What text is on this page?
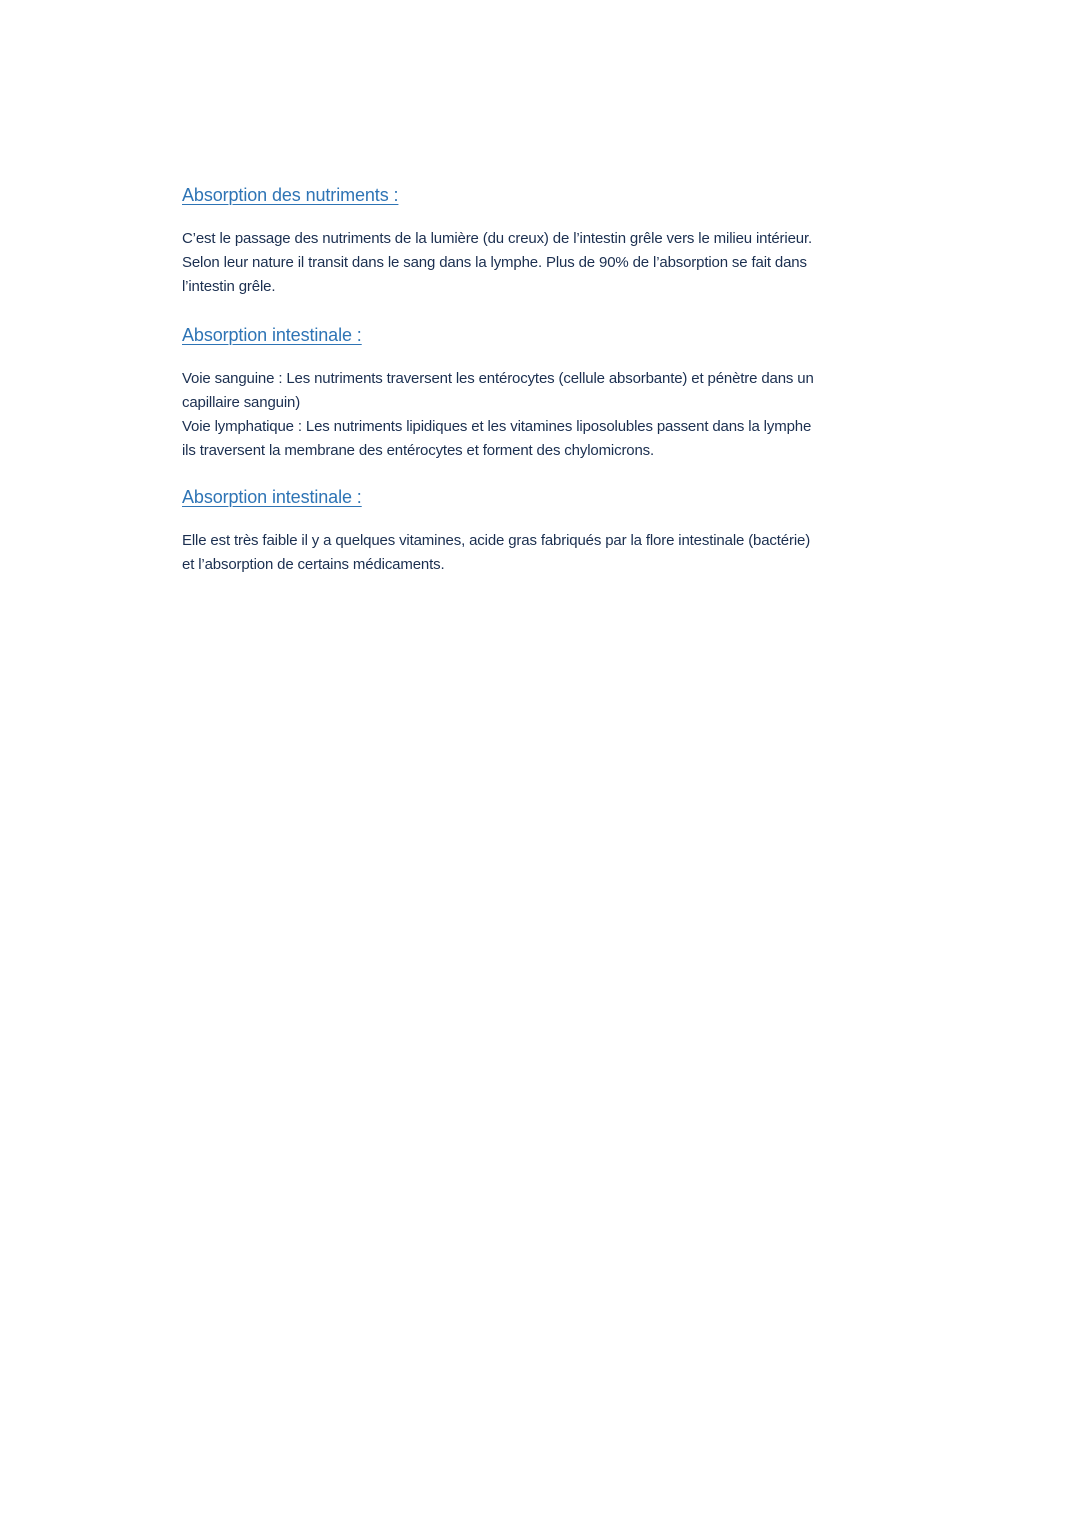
Absorption des nutriments :

C’est le passage des nutriments de la lumière (du creux) de l’intestin grêle vers le milieu intérieur.
Selon leur nature il transit dans le sang dans la lymphe. Plus de 90% de l’absorption se fait dans
l’intestin grêle.

Absorption intestinale :

Voie sanguine : Les nutriments traversent les entérocytes (cellule absorbante) et pénètre dans un
capillaire sanguin)
Voie lymphatique : Les nutriments lipidiques et les vitamines liposolubles passent dans la lymphe
ils traversent la membrane des entérocytes et forment des chylomicrons.

Absorption intestinale :

Elle est très faible il y a quelques vitamines, acide gras fabriqués par la flore intestinale (bactérie)
et l’absorption de certains médicaments.
